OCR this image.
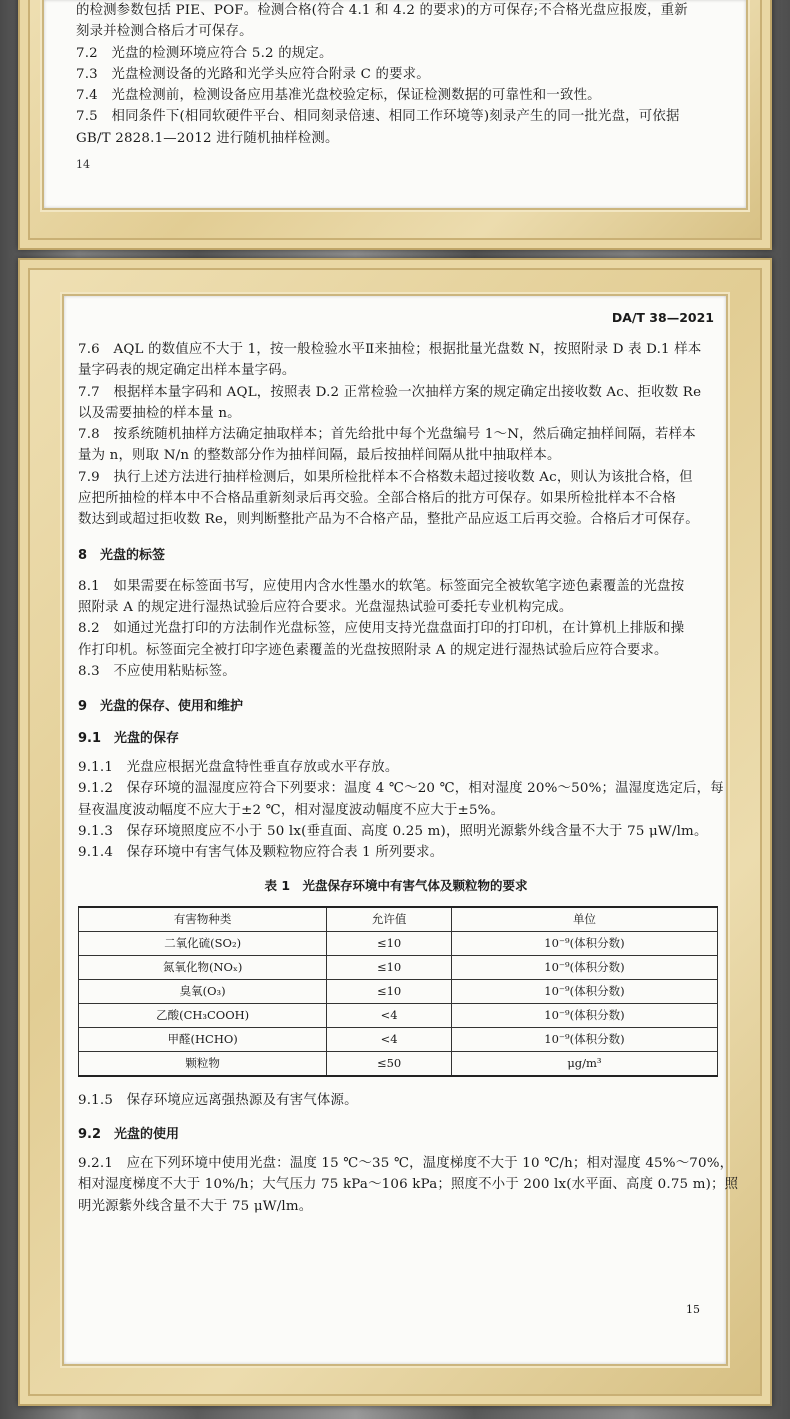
的检测参数包括 PIE、POF。检测合格(符合 4.1 和 4.2 的要求)的方可保存;不合格光盘应报废，重新
刻录并检测合格后才可保存。
7.2　光盘的检测环境应符合 5.2 的规定。
7.3　光盘检测设备的光路和光学头应符合附录 C 的要求。
7.4　光盘检测前，检测设备应用基准光盘校验定标，保证检测数据的可靠性和一致性。
7.5　相同条件下(相同软硬件平台、相同刻录倍速、相同工作环境等)刻录产生的同一批光盘，可依据
GB/T 2828.1—2012 进行随机抽样检测。
14
DA/T 38—2021
7.6　AQL 的数值应不大于 1，按一般检验水平Ⅱ来抽检；根据批量光盘数 N，按照附录 D 表 D.1 样本
量字码表的规定确定出样本量字码。
7.7　根据样本量字码和 AQL，按照表 D.2 正常检验一次抽样方案的规定确定出接收数 Ac、拒收数 Re
以及需要抽检的样本量 n。
7.8　按系统随机抽样方法确定抽取样本；首先给批中每个光盘编号 1～N，然后确定抽样间隔，若样本
量为 n，则取 N/n 的整数部分作为抽样间隔，最后按抽样间隔从批中抽取样本。
7.9　执行上述方法进行抽样检测后，如果所检批样本不合格数未超过接收数 Ac，则认为该批合格，但
应把所抽检的样本中不合格品重新刻录后再交验。全部合格后的批方可保存。如果所检批样本不合格
数达到或超过拒收数 Re，则判断整批产品为不合格产品，整批产品应返工后再交验。合格后才可保存。
8　光盘的标签
8.1　如果需要在标签面书写，应使用内含水性墨水的软笔。标签面完全被软笔字迹色素覆盖的光盘按
照附录 A 的规定进行湿热试验后应符合要求。光盘湿热试验可委托专业机构完成。
8.2　如通过光盘打印的方法制作光盘标签，应使用支持光盘盘面打印的打印机，在计算机上排版和操
作打印机。标签面完全被打印字迹色素覆盖的光盘按照附录 A 的规定进行湿热试验后应符合要求。
8.3　不应使用粘贴标签。
9　光盘的保存、使用和维护
9.1　光盘的保存
9.1.1　光盘应根据光盘盒特性垂直存放或水平存放。
9.1.2　保存环境的温湿度应符合下列要求：温度 4 ℃～20 ℃，相对湿度 20%～50%；温湿度选定后，每
昼夜温度波动幅度不应大于±2 ℃，相对湿度波动幅度不应大于±5%。
9.1.3　保存环境照度应不小于 50 lx(垂直面、高度 0.25 m)，照明光源紫外线含量不大于 75 μW/lm。
9.1.4　保存环境中有害气体及颗粒物应符合表 1 所列要求。
表 1　光盘保存环境中有害气体及颗粒物的要求
有害物种类	允许值	单位
二氧化硫(SO₂)	≤10	10⁻⁹(体积分数)
氮氧化物(NOₓ)	≤10	10⁻⁹(体积分数)
臭氧(O₃)	≤10	10⁻⁹(体积分数)
乙酸(CH₃COOH)	<4	10⁻⁹(体积分数)
甲醛(HCHO)	<4	10⁻⁹(体积分数)
颗粒物	≤50	μg/m³
9.1.5　保存环境应远离强热源及有害气体源。
9.2　光盘的使用
9.2.1　应在下列环境中使用光盘：温度 15 ℃～35 ℃，温度梯度不大于 10 ℃/h；相对湿度 45%～70%，
相对湿度梯度不大于 10%/h；大气压力 75 kPa～106 kPa；照度不小于 200 lx(水平面、高度 0.75 m)；照
明光源紫外线含量不大于 75 μW/lm。
15
